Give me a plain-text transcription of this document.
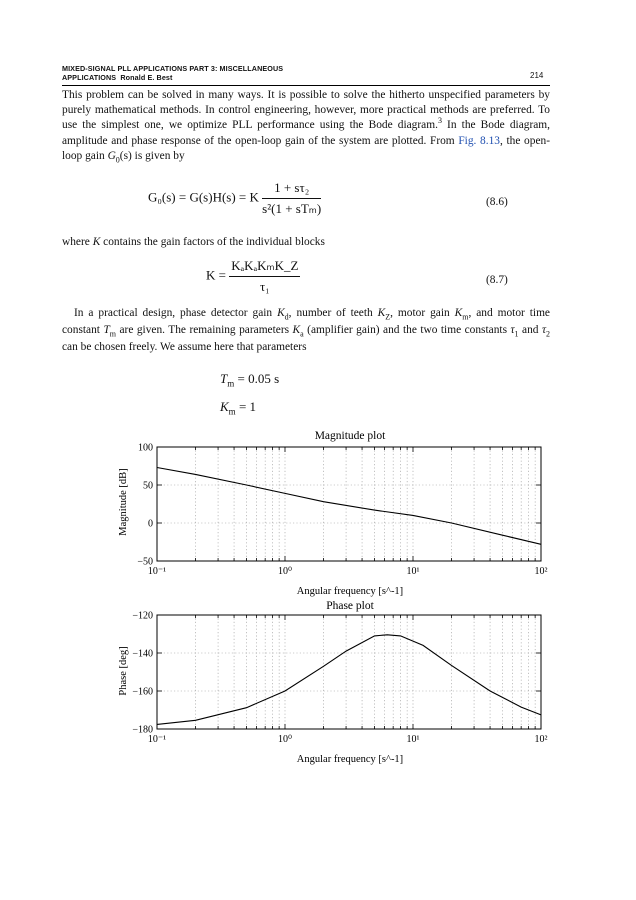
MIXED-SIGNAL PLL APPLICATIONS PART 3: MISCELLANEOUS
APPLICATIONS Ronald E. Best	214

This problem can be solved in many ways. It is possible to solve the hitherto unspecified parameters by purely mathematical methods. In control engineering, however, more practical methods are preferred. To use the simplest one, we optimize PLL performance using the Bode diagram.$^3$ In the Bode diagram, amplitude and phase response of the open-loop gain of the system are plotted. From Fig. 8.13, the open-loop gain $G_0(s)$ is given by

G₀(s) = G(s)H(s) = K $\frac{\text{1 + sτ₂}}{\text{s²(1 + sTₘ)}}$	(8.6)

where K contains the gain factors of the individual blocks

$K = \frac{\text{KₐKₐKₘK\_Z}}{\text{τ₁}}$	(8.7)

In a practical design, phase detector gain $K_d$, number of teeth $K_Z$, motor gain $K_m$, and motor time constant $T_m$ are given. The remaining parameters $K_a$ (amplifier gain) and the two time constants $\tau_1$ and $\tau_2$ can be chosen freely. We assume here that parameters

$T_m = 0.05$ s
$K_m = 1$
Magnitude plot
Magnitude [dB]
Angular frequency [s^-1]
100
50
0
−50
10⁻¹	10⁰	10¹	10²
Phase plot
Phase [deg]
Angular frequency [s^-1]
−120
−140
−160
−180
10⁻¹	10⁰	10¹	10²
